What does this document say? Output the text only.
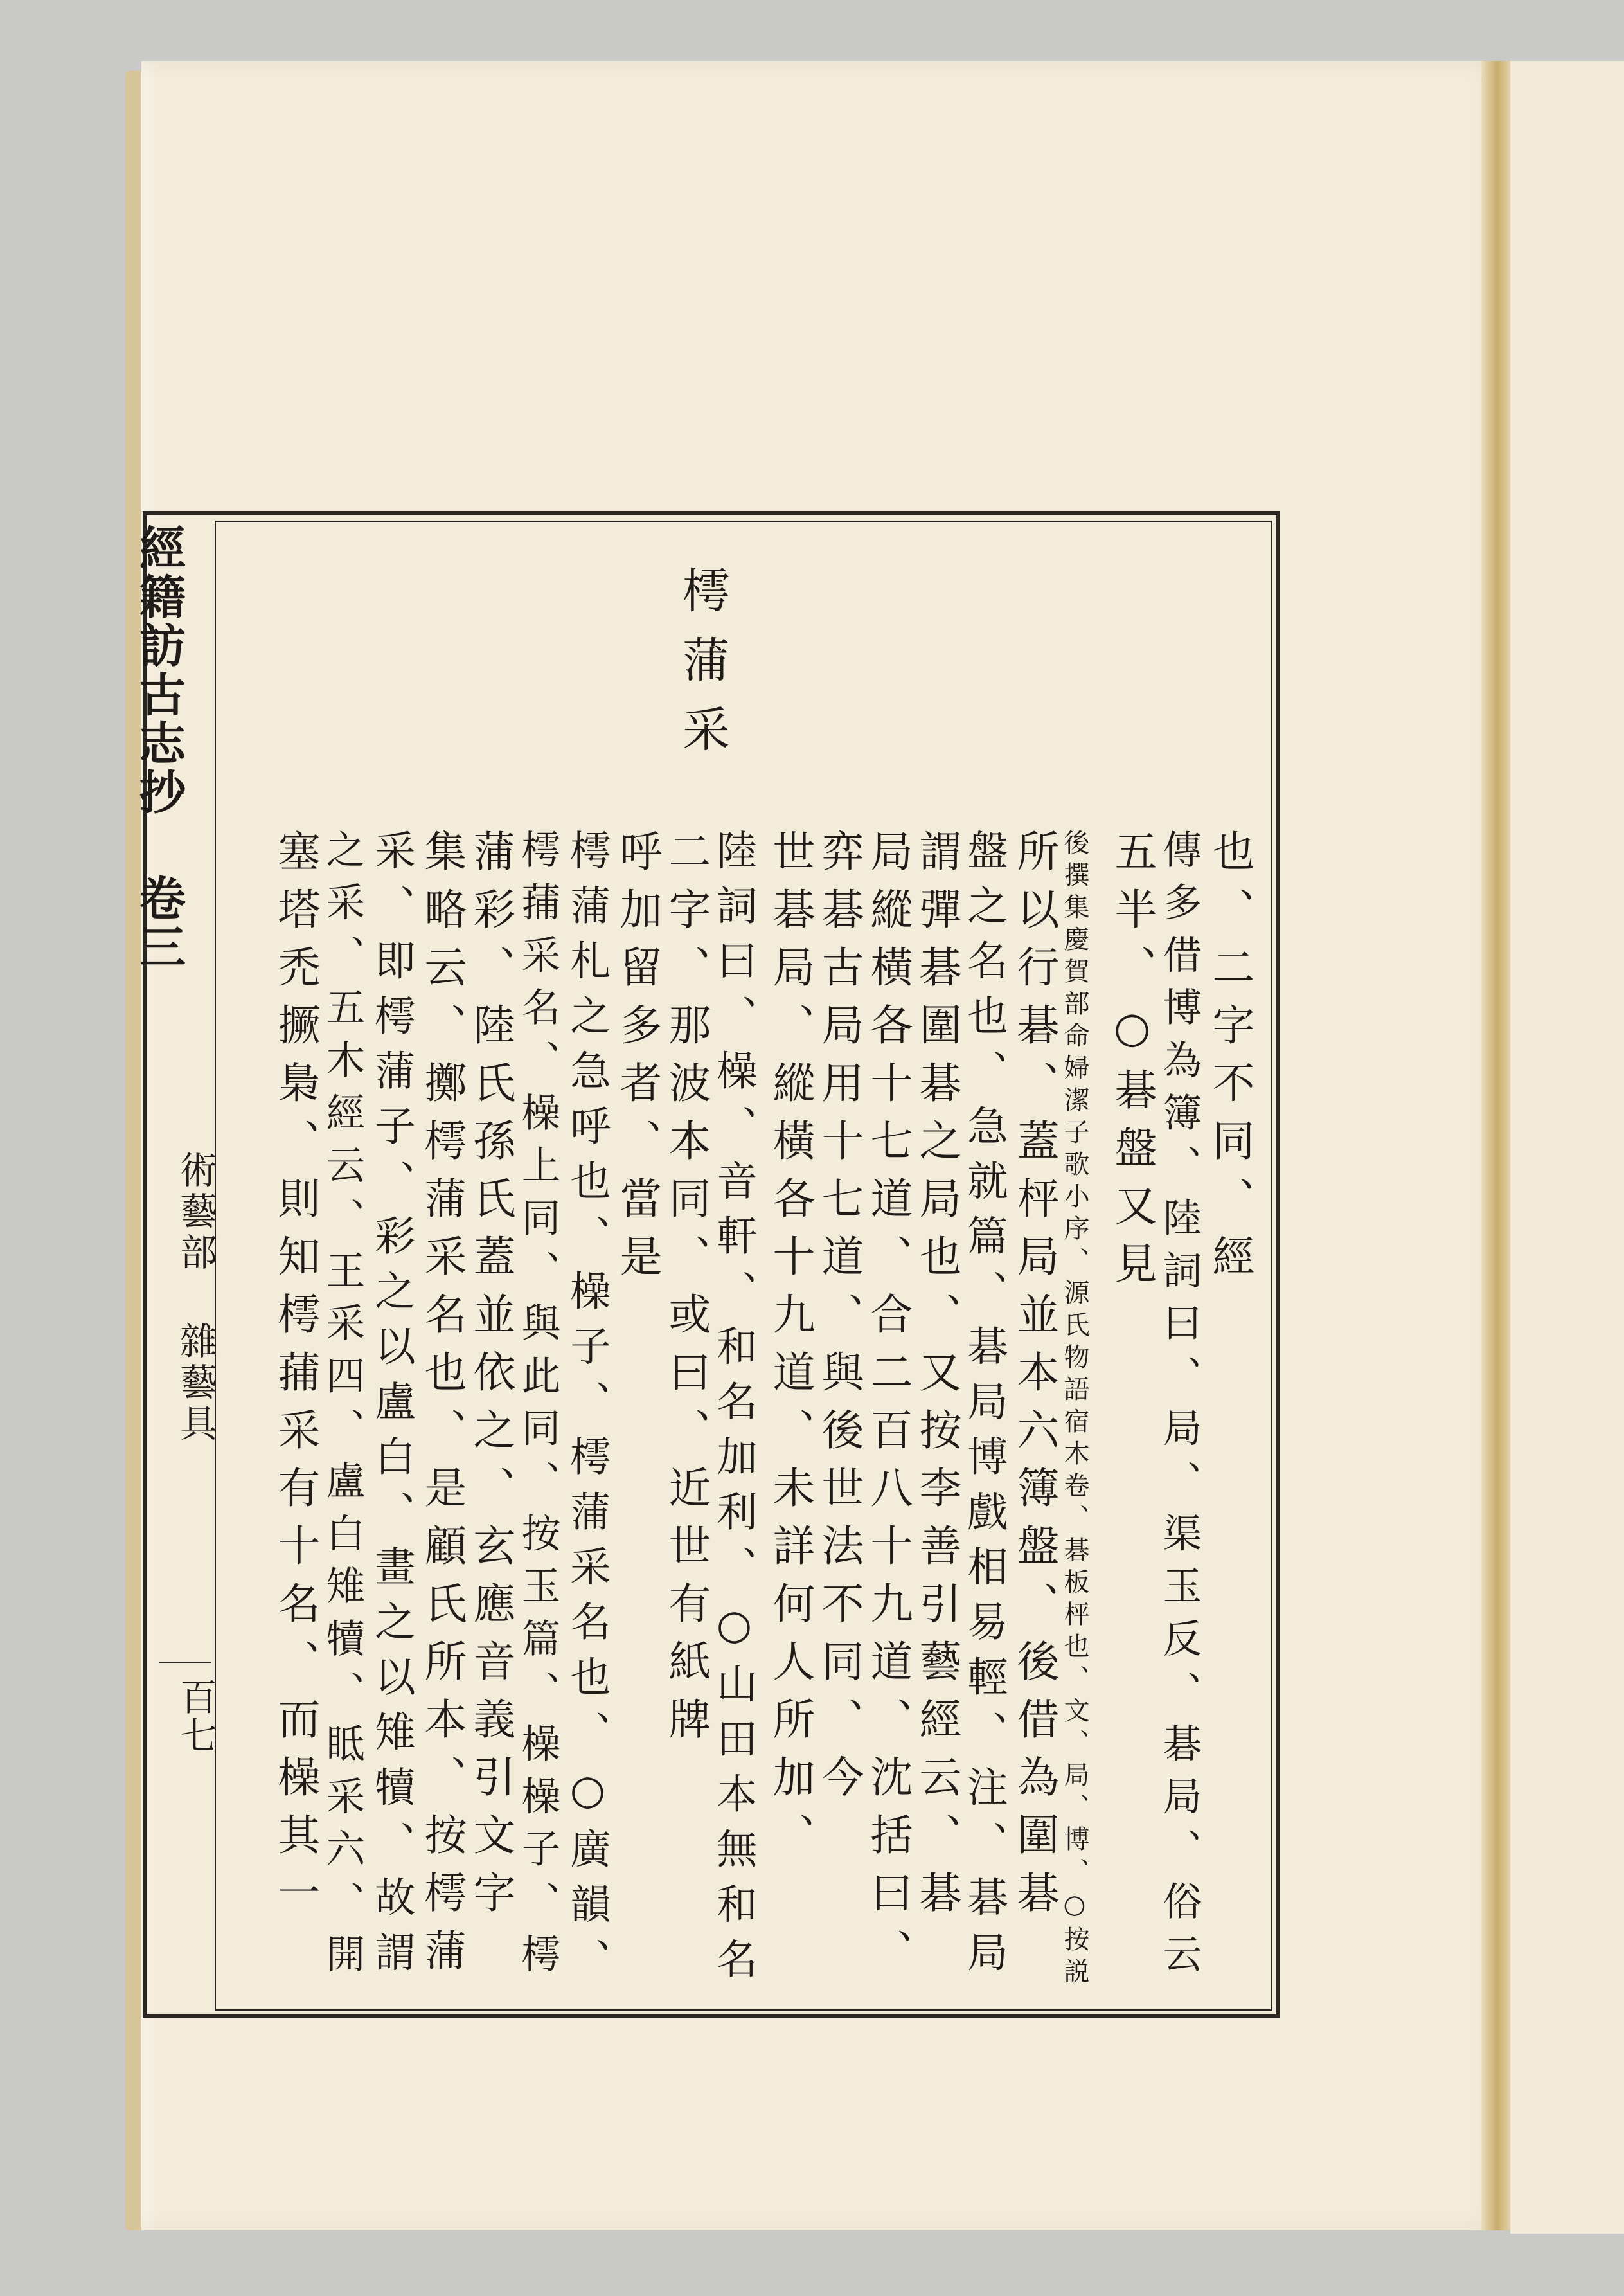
經籍訪古志抄 卷三
術藝部 雜藝具
百七
樗蒲采
也、二字不同、經
傳多借博為簿、陸詞曰、局、渠玉反、碁局、俗云
五半、○碁盤又見
後撰集慶賀部命婦潔子歌小序、源氏物語宿木卷、碁板枰也、文、局、博、○按説
所以行碁、蓋枰局並本六簿盤、後借為圍碁
盤之名也、急就篇、碁局博戲相易輕、注、碁局
謂彈碁圍碁之局也、又按李善引藝經云、碁
局縱橫各十七道、合二百八十九道、沈括曰、
弈碁古局用十七道、與後世法不同、今
世碁局、縱橫各十九道、未詳何人所加、
陸詞曰、橾、音軒、和名加利、○山田本無和名
二字、那波本同、或曰、近世有紙牌
呼加留多者、當是
樗蒲札之急呼也、橾子、樗蒲采名也、○廣韻、
樗蒱采名、橾上同、與此同、按玉篇、橾橾子、樗
蒲彩、陸氏孫氏蓋並依之、玄應音義引文字
集略云、擲樗蒲采名也、是顧氏所本、按樗蒲
采、即樗蒲子、彩之以盧白、畫之以雉犢、故謂
之采、五木經云、王采四、盧白雉犢、眡采六、開
塞塔禿撅梟、則知樗蒱采有十名、而橾其一
